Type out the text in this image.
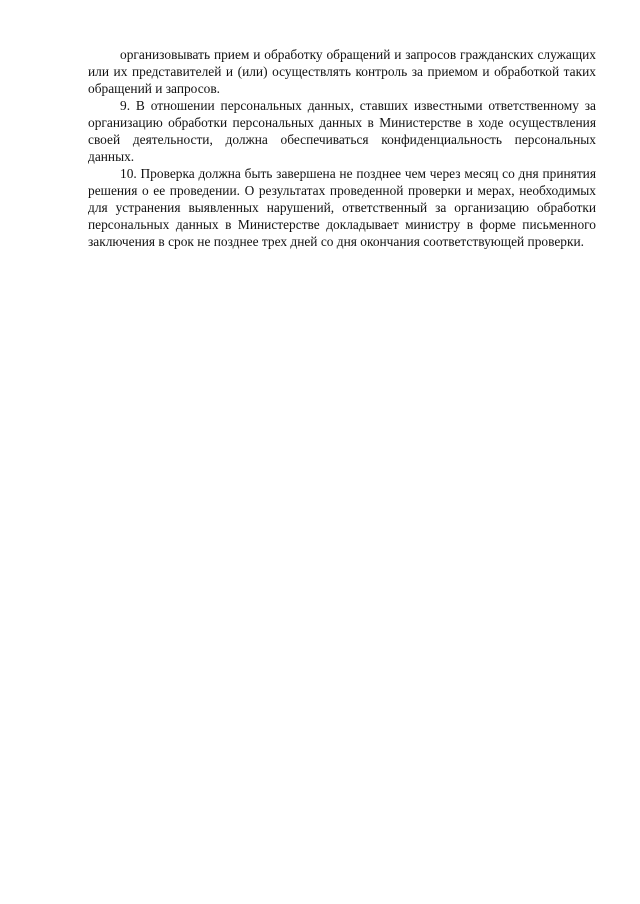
организовывать прием и обработку обращений и запросов гражданских служащих или их представителей и (или) осуществлять контроль за приемом и обработкой таких обращений и запросов.

9. В отношении персональных данных, ставших известными ответственному за организацию обработки персональных данных в Министерстве в ходе осуществления своей деятельности, должна обеспечиваться конфиденциальность персональных данных.

10. Проверка должна быть завершена не позднее чем через месяц со дня принятия решения о ее проведении. О результатах проведенной проверки и мерах, необходимых для устранения выявленных нарушений, ответственный за организацию обработки персональных данных в Министерстве докладывает министру в форме письменного заключения в срок не позднее трех дней со дня окончания соответствующей проверки.
